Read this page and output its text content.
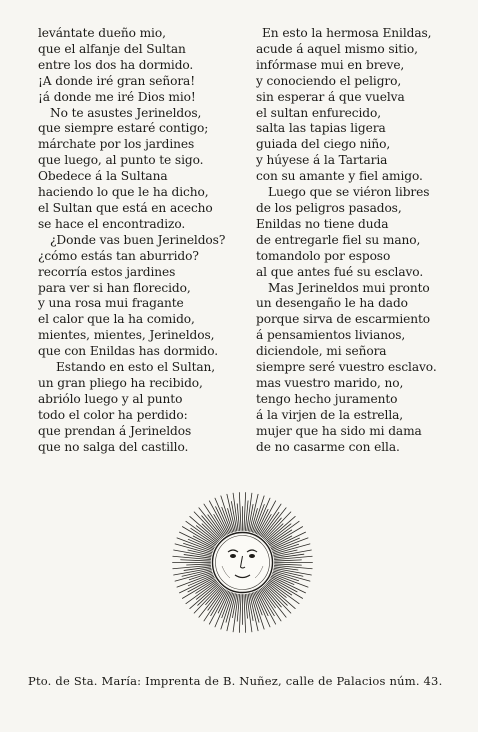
levántate dueño mio,
que el alfanje del Sultan
entre los dos ha dormido.
¡A donde iré gran señora!
¡á donde me iré Dios mio!
No te asustes Jerineldos,
que siempre estaré contigo;
márchate por los jardines
que luego, al punto te sigo.
Obedece á la Sultana
haciendo lo que le ha dicho,
el Sultan que está en acecho
se hace el encontradizo.
¿Donde vas buen Jerineldos?
¿cómo estás tan aburrido?
recorría estos jardines
para ver si han florecido,
y una rosa mui fragante
el calor que la ha comido,
mientes, mientes, Jerineldos,
que con Enildas has dormido.
Estando en esto el Sultan,
un gran pliego ha recibido,
abriólo luego y al punto
todo el color ha perdido:
que prendan á Jerineldos
que no salga del castillo.
En esto la hermosa Enildas,
acude á aquel mismo sitio,
infórmase mui en breve,
y conociendo el peligro,
sin esperar á que vuelva
el sultan enfurecido,
salta las tapias ligera
guiada del ciego niño,
y húyese á la Tartaria
con su amante y fiel amigo.
Luego que se viéron libres
de los peligros pasados,
Enildas no tiene duda
de entregarle fiel su mano,
tomandolo por esposo
al que antes fué su esclavo.
Mas Jerineldos mui pronto
un desengaño le ha dado
porque sirva de escarmiento
á pensamientos livianos,
diciendole, mi señora
siempre seré vuestro esclavo.
mas vuestro marido, no,
tengo hecho juramento
á la virjen de la estrella,
mujer que ha sido mi dama
de no casarme con ella.
Pto. de Sta. María: Imprenta de B. Nuñez, calle de Palacios núm. 43.
